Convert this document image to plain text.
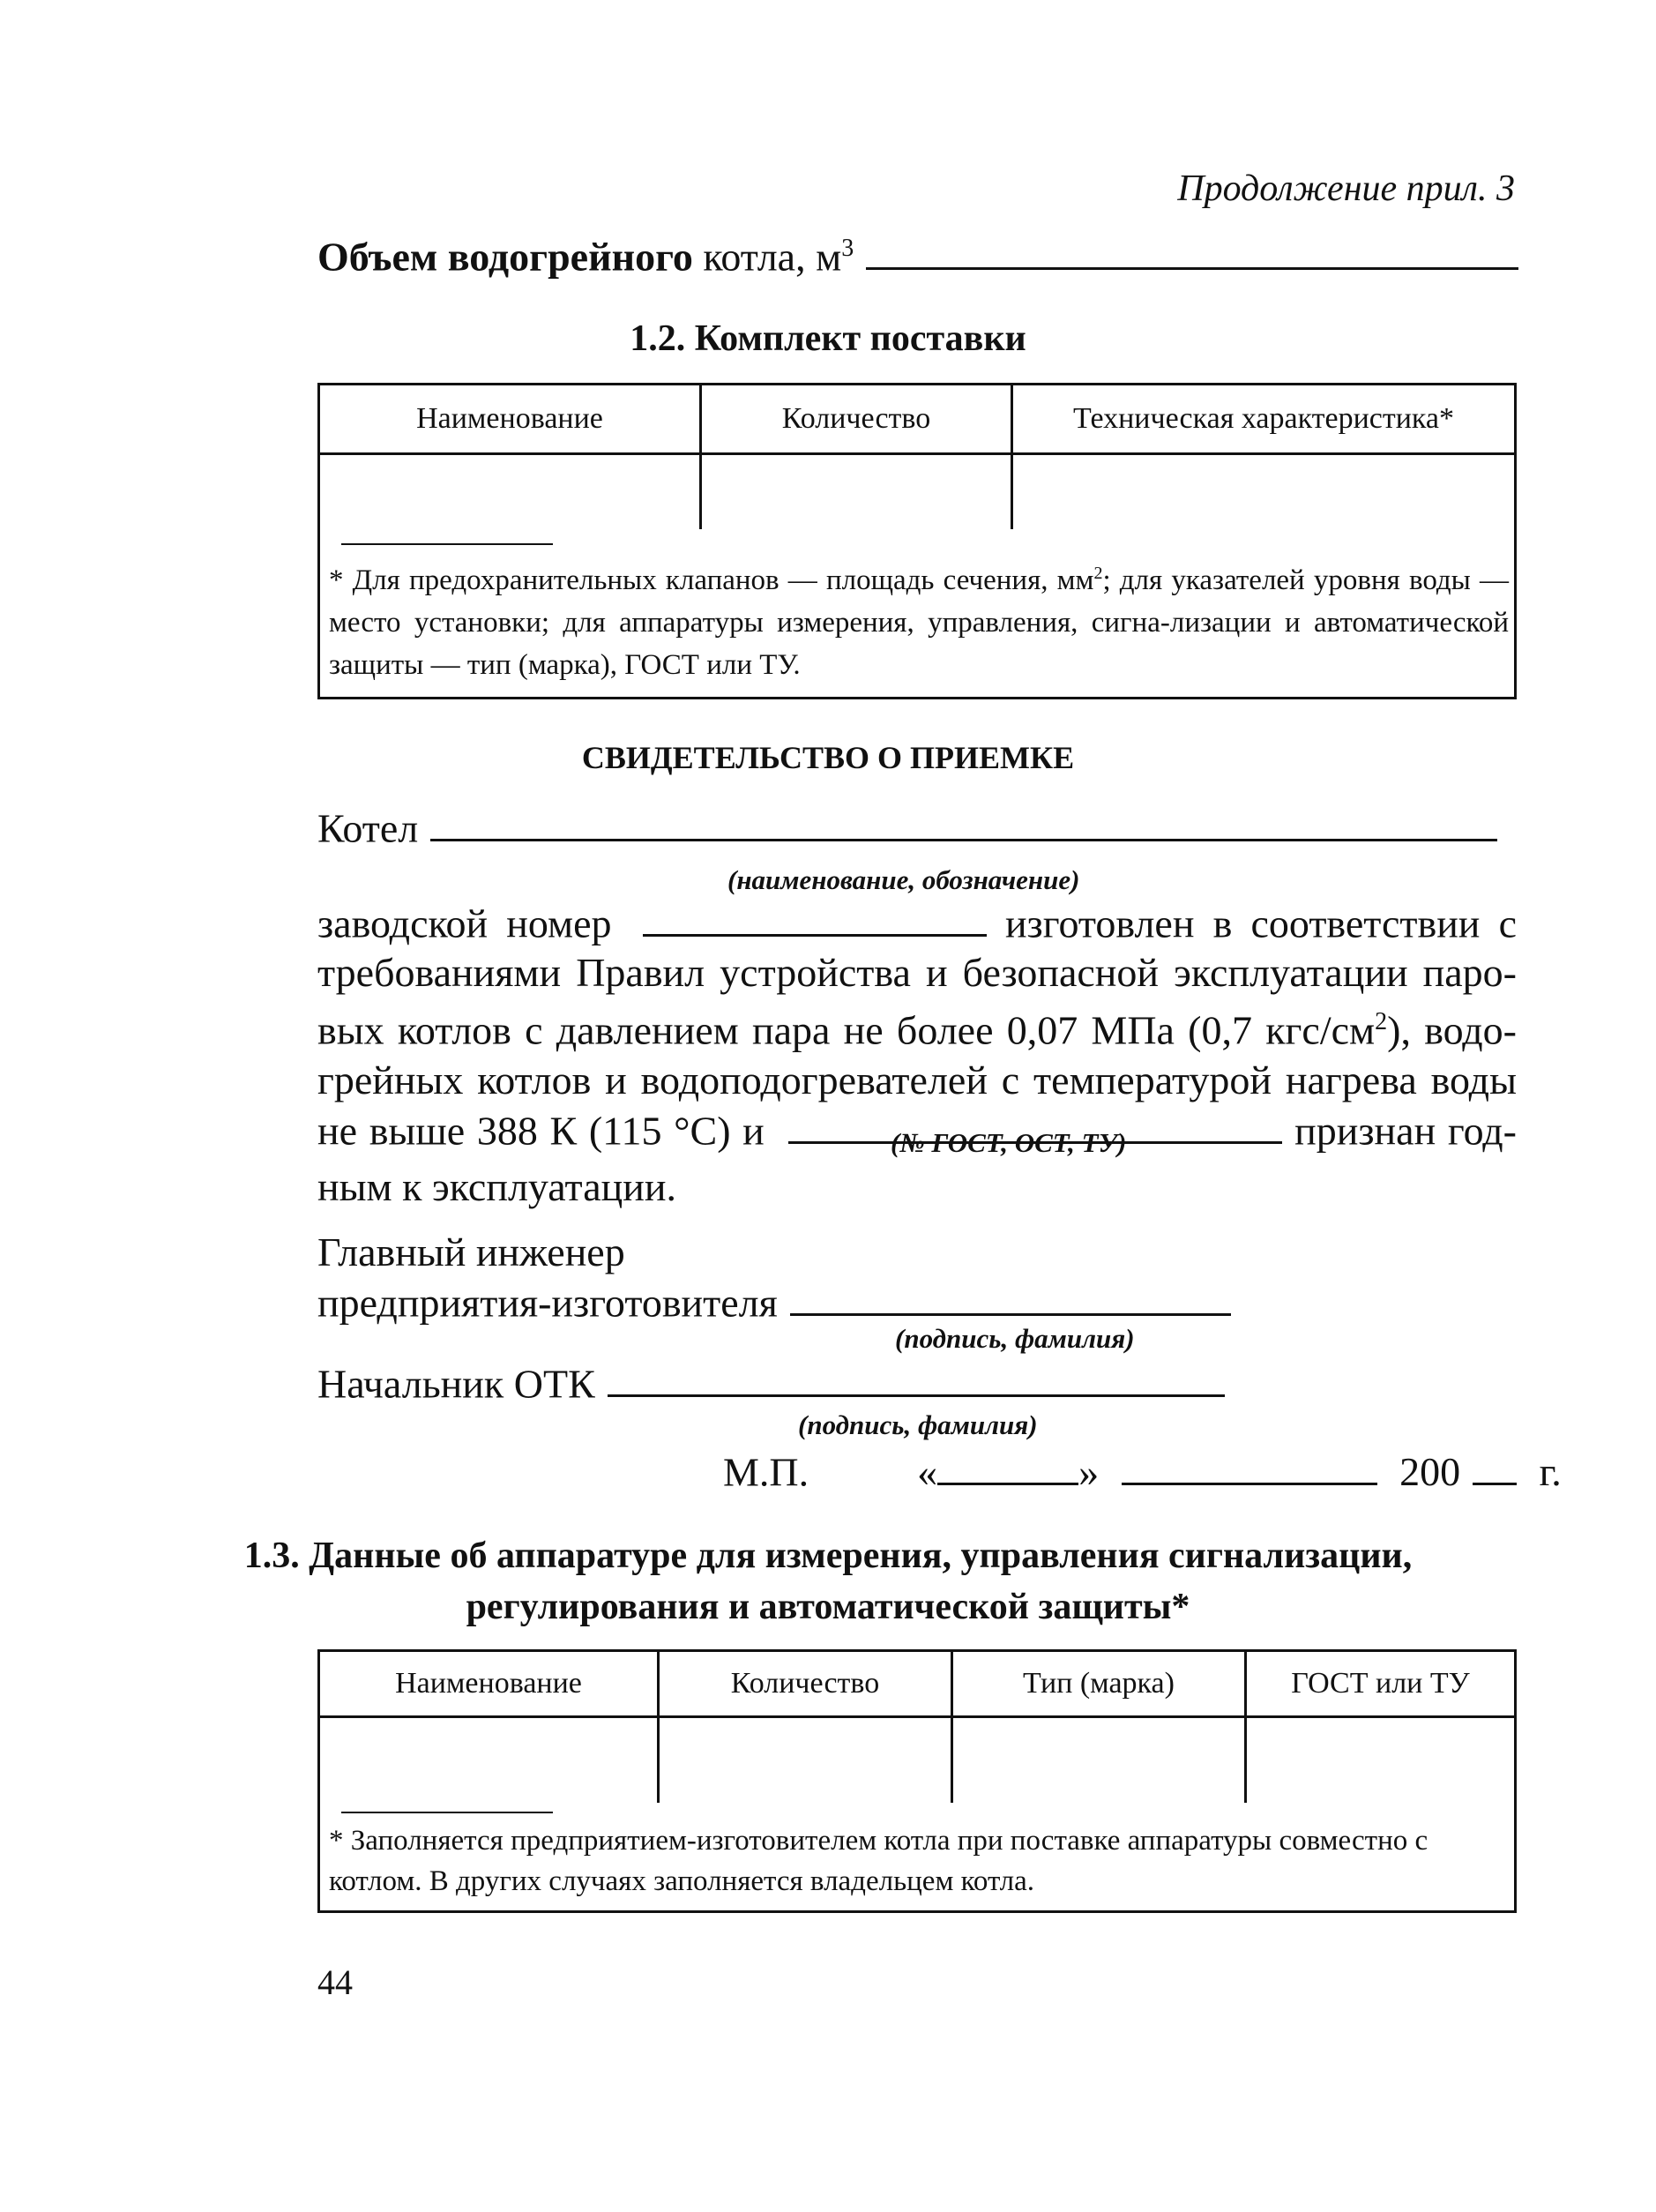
Продолжение прил. 3
Объем водогрейного котла, $м^3$
1.2. Комплект поставки
Наименование	Количество	Техническая характеристика*

* Для предохранительных клапанов — площадь сечения, $мм^2$; для указателей уровня воды — место установки; для аппаратуры измерения, управления, сигна-лизации и автоматической защиты — тип (марка), ГОСТ или ТУ.		
СВИДЕТЕЛЬСТВО О ПРИЕМКЕ
Котел
(наименование, обозначение)
заводской номер	изготовлен в соответствии с
требованиями Правил устройства и безопасной эксплуатации паро-
вых котлов с давлением пара не более 0,07 МПа (0,7 кгс/$см^2$), водо-
грейных котлов и водоподогревателей с температурой нагрева воды
не выше 388 К (115 °С) и	признан год-
(№ ГОСТ, ОСТ, ТУ)
ным к эксплуатации.
Главный инженер
предприятия-изготовителя
(подпись, фамилия)
Начальник ОТК
(подпись, фамилия)
М.П.	«	»	200 г.
1.3. Данные об аппаратуре для измерения, управления сигнализации,
регулирования и автоматической защиты*
Наименование	Количество	Тип (марка)	ГОСТ или ТУ

* Заполняется предприятием-изготовителем котла при поставке аппаратуры совместно с котлом. В других случаях заполняется владельцем котла.			
44
